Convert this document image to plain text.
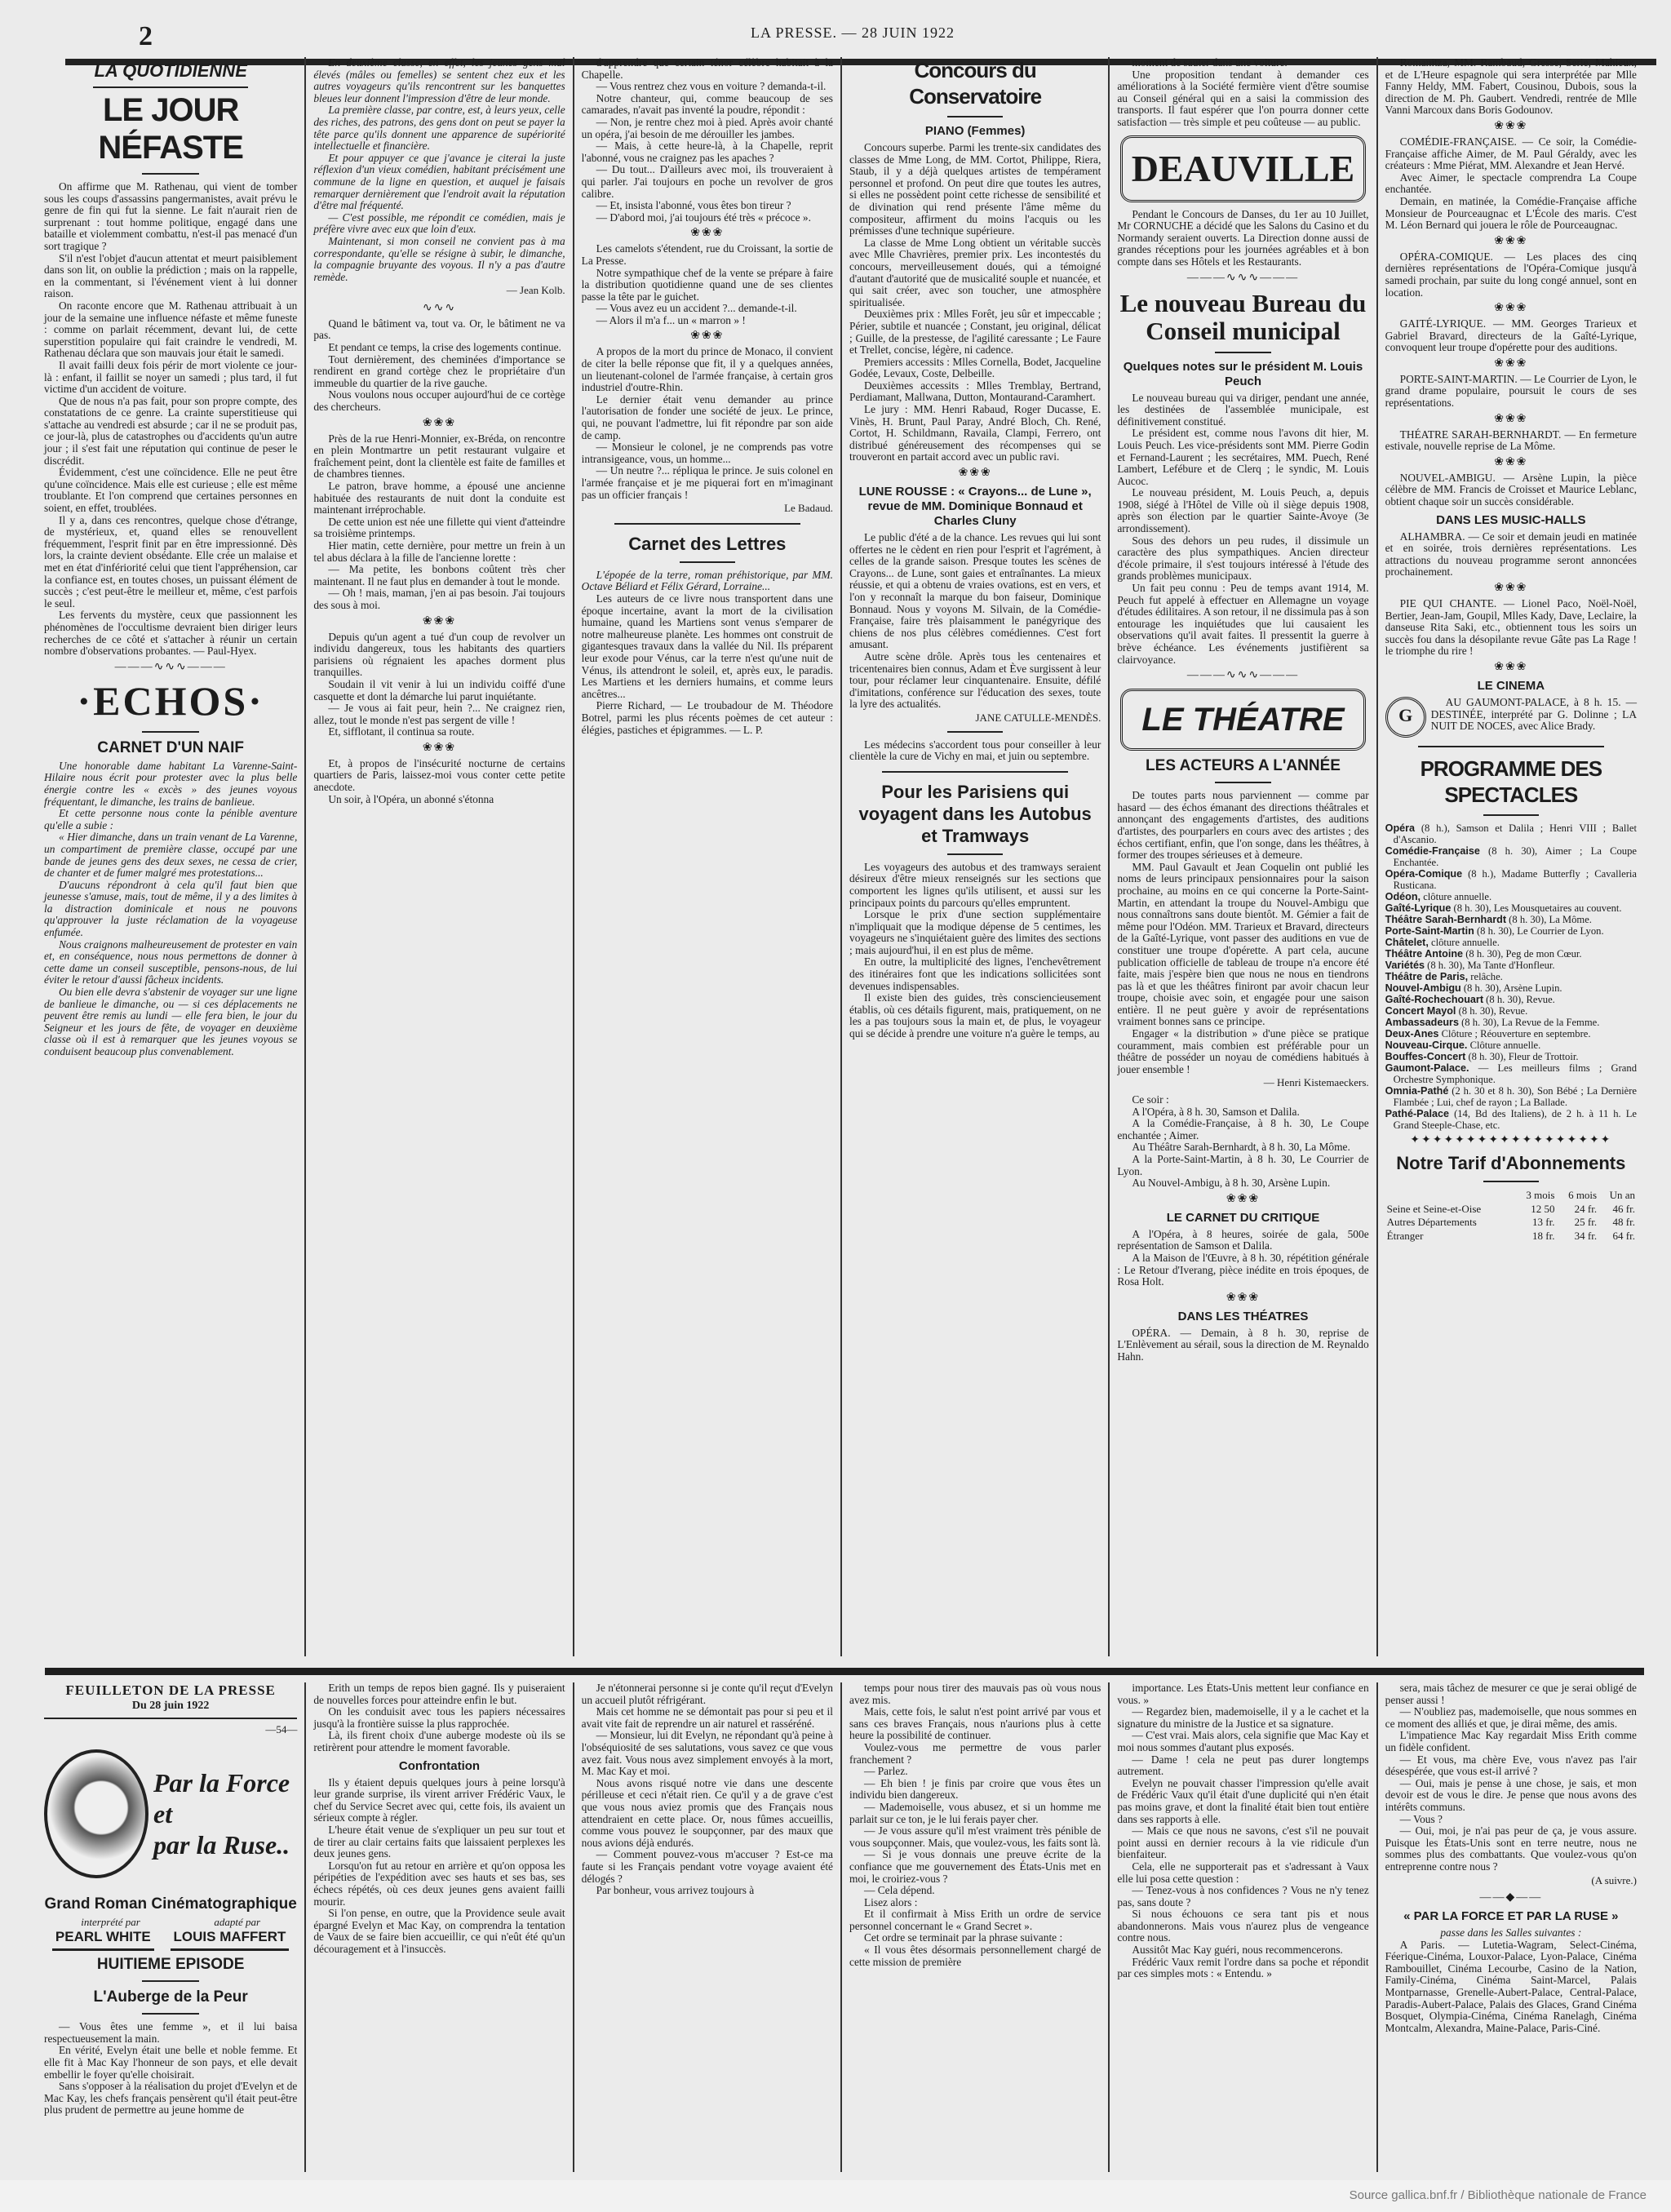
2	LA PRESSE. — 28 JUIN 1922
LA QUOTIDIENNE
LE JOUR NÉFASTE

On affirme que M. Rathenau, qui vient de tomber sous les coups d'assassins pangermanistes, avait prévu le genre de fin qui fut la sienne. Le fait n'aurait rien de surprenant : tout homme politique, engagé dans une bataille et violemment combattu, n'est-il pas menacé d'un sort tragique ?

S'il n'est l'objet d'aucun attentat et meurt paisiblement dans son lit, on oublie la prédiction ; mais on la rappelle, en la commentant, si l'événement vient à lui donner raison.

On raconte encore que M. Rathenau attribuait à un jour de la semaine une influence néfaste et même funeste : comme on parlait récemment, devant lui, de cette superstition populaire qui fait craindre le vendredi, M. Rathenau déclara que son mauvais jour était le samedi.

Il avait failli deux fois périr de mort violente ce jour-là : enfant, il faillit se noyer un samedi ; plus tard, il fut victime d'un accident de voiture.

Que de nous n'a pas fait, pour son propre compte, des constatations de ce genre. La crainte superstitieuse qui s'attache au vendredi est absurde ; car il ne se produit pas, ce jour-là, plus de catastrophes ou d'accidents qu'un autre jour ; il s'est fait une réputation qui continue de peser le discrédit.

Évidemment, c'est une coïncidence. Elle ne peut être qu'une coïncidence. Mais elle est curieuse ; elle est même troublante. Et l'on comprend que certaines personnes en soient, en effet, troublées.

Il y a, dans ces rencontres, quelque chose d'étrange, de mystérieux, et, quand elles se renouvellent fréquemment, l'esprit finit par en être impressionné. Dès lors, la crainte devient obsédante. Elle crée un malaise et met en état d'infériorité celui que tient l'appréhension, car la confiance est, en toutes choses, un puissant élément de succès ; c'est peut-être le meilleur et, même, c'est parfois le seul.

Les fervents du mystère, ceux que passionnent les phénomènes de l'occultisme devraient bien diriger leurs recherches de ce côté et s'attacher à réunir un certain nombre d'observations probantes. — Paul-Hyex.

———∿∿∿———
·ECHOS·
CARNET D'UN NAIF

Une honorable dame habitant La Varenne-Saint-Hilaire nous écrit pour protester avec la plus belle énergie contre les « excès » des jeunes voyous fréquentant, le dimanche, les trains de banlieue.

Et cette personne nous conte la pénible aventure qu'elle a subie :

« Hier dimanche, dans un train venant de La Varenne, un compartiment de première classe, occupé par une bande de jeunes gens des deux sexes, ne cessa de crier, de chanter et de fumer malgré mes protestations...

D'aucuns répondront à cela qu'il faut bien que jeunesse s'amuse, mais, tout de même, il y a des limites à la distraction dominicale et nous ne pouvons qu'approuver la juste réclamation de la voyageuse enfumée.

Nous craignons malheureusement de protester en vain et, en conséquence, nous nous permettons de donner à cette dame un conseil susceptible, pensons-nous, de lui éviter le retour d'aussi fâcheux incidents.

Ou bien elle devra s'abstenir de voyager sur une ligne de banlieue le dimanche, ou — si ces déplacements ne peuvent être remis au lundi — elle fera bien, le jour du Seigneur et les jours de fête, de voyager en deuxième classe où il est à remarquer que les jeunes voyous se conduisent beaucoup plus convenablement.

En deuxième classe, en effet, les jeunes gens mal élevés (mâles ou femelles) se sentent chez eux et les autres voyageurs qu'ils rencontrent sur les banquettes bleues leur donnent l'impression d'être de leur monde.

La première classe, par contre, est, à leurs yeux, celle des riches, des patrons, des gens dont on peut se payer la tête parce qu'ils donnent une apparence de supériorité intellectuelle et financière.

Et pour appuyer ce que j'avance je citerai la juste réflexion d'un vieux comédien, habitant précisément une commune de la ligne en question, et auquel je faisais remarquer dernièrement que l'endroit avait la réputation d'être mal fréquenté.

— C'est possible, me répondit ce comédien, mais je préfère vivre avec eux que loin d'eux.

Maintenant, si mon conseil ne convient pas à ma correspondante, qu'elle se résigne à subir, le dimanche, la compagnie bruyante des voyous. Il n'y a pas d'autre remède.

— Jean Kolb.
∿∿∿

Quand le bâtiment va, tout va. Or, le bâtiment ne va pas.

Et pendant ce temps, la crise des logements continue.

Tout dernièrement, des cheminées d'importance se rendirent en grand cortège chez le propriétaire d'un immeuble du quartier de la rive gauche.

Nous voulons nous occuper aujourd'hui de ce cortège des chercheurs.

❀❀❀

Près de la rue Henri-Monnier, ex-Bréda, on rencontre en plein Montmartre un petit restaurant vulgaire et fraîchement peint, dont la clientèle est faite de familles et de chambres tiennes.

Le patron, brave homme, a épousé une ancienne habituée des restaurants de nuit dont la conduite est maintenant irréprochable.

De cette union est née une fillette qui vient d'atteindre sa troisième printemps.

Hier matin, cette dernière, pour mettre un frein à un tel abus déclara à la fille de l'ancienne lorette :

— Ma petite, les bonbons coûtent très cher maintenant. Il ne faut plus en demander à tout le monde.

— Oh ! mais, maman, j'en ai pas besoin. J'ai toujours des sous à moi.

❀❀❀

Depuis qu'un agent a tué d'un coup de revolver un individu dangereux, tous les habitants des quartiers parisiens où régnaient les apaches dorment plus tranquilles.

Soudain il vit venir à lui un individu coiffé d'une casquette et dont la démarche lui parut inquiétante.

— Je vous ai fait peur, hein ?... Ne craignez rien, allez, tout le monde n'est pas sergent de ville !

Et, sifflotant, il continua sa route.

❀❀❀

Et, à propos de l'insécurité nocturne de certains quartiers de Paris, laissez-moi vous conter cette petite anecdote.

Un soir, à l'Opéra, un abonné s'étonna

d'apprendre que certain ténor célèbre habitait à la Chapelle.

— Vous rentrez chez vous en voiture ? demanda-t-il.

Notre chanteur, qui, comme beaucoup de ses camarades, n'avait pas inventé la poudre, répondit :

— Non, je rentre chez moi à pied. Après avoir chanté un opéra, j'ai besoin de me dérouiller les jambes.

— Mais, à cette heure-là, à la Chapelle, reprit l'abonné, vous ne craignez pas les apaches ?

— Du tout... D'ailleurs avec moi, ils trouveraient à qui parler. J'ai toujours en poche un revolver de gros calibre.

— Et, insista l'abonné, vous êtes bon tireur ?

— D'abord moi, j'ai toujours été très « précoce ».

❀❀❀

Les camelots s'étendent, rue du Croissant, la sortie de La Presse.

Notre sympathique chef de la vente se prépare à faire la distribution quotidienne quand une de ses clientes passe la tête par le guichet.

— Vous avez eu un accident ?... demande-t-il.

— Alors il m'a f... un « marron » !

❀❀❀

A propos de la mort du prince de Monaco, il convient de citer la belle réponse que fit, il y a quelques années, un lieutenant-colonel de l'armée française, à certain gros industriel d'outre-Rhin.

Le dernier était venu demander au prince l'autorisation de fonder une société de jeux. Le prince, qui, ne pouvant l'admettre, lui fit répondre par son aide de camp.

— Monsieur le colonel, je ne comprends pas votre intransigeance, vous, un homme...

— Un neutre ?... répliqua le prince. Je suis colonel en l'armée française et je me piquerai fort en m'imaginant pas un officier français !

Le Badaud.
Carnet des Lettres

L'épopée de la terre, roman préhistorique, par MM. Octave Béliard et Félix Gérard, Lorraine...

Les auteurs de ce livre nous transportent dans une époque incertaine, avant la mort de la civilisation humaine, quand les Martiens sont venus s'emparer de notre malheureuse planète. Les hommes ont construit de gigantesques travaux dans la vallée du Nil. Ils préparent leur exode pour Vénus, car la terre n'est qu'une nuit de Vénus, ils attendront le soleil, et, après eux, le paradis. Les Martiens et les derniers humains, et comme leurs ancêtres...

Pierre Richard, — Le troubadour de M. Théodore Botrel, parmi les plus récents poèmes de cet auteur : élégies, pastiches et épigrammes. — L. P.

Concours du Conservatoire
PIANO (Femmes)

Concours superbe. Parmi les trente-six candidates des classes de Mme Long, de MM. Cortot, Philippe, Riera, Staub, il y a déjà quelques artistes de tempérament personnel et profond. On peut dire que toutes les autres, si elles ne possèdent point cette richesse de sensibilité et de divination qui rend présente l'âme même du compositeur, affirment du moins l'acquis ou les prémisses d'une technique supérieure.

La classe de Mme Long obtient un véritable succès avec Mlle Chavrières, premier prix. Les incontestés du concours, merveilleusement doués, qui a témoigné d'autant d'autorité que de musicalité souple et nuancée, et qui sait créer, avec son toucher, une atmosphère spiritualisée.

Deuxièmes prix : Mlles Forêt, jeu sûr et impeccable ; Périer, subtile et nuancée ; Constant, jeu original, délicat ; Guille, de la prestesse, de l'agilité caressante ; Le Faure et Trellet, concise, légère, ni cadence.

Premiers accessits : Mlles Cornella, Bodet, Jacqueline Godée, Levaux, Coste, Delbeille.

Deuxièmes accessits : Mlles Tremblay, Bertrand, Perdiamant, Mallwana, Dutton, Montaurand-Caramhert.

Le jury : MM. Henri Rabaud, Roger Ducasse, E. Vinès, H. Brunt, Paul Paray, André Bloch, Ch. René, Cortot, H. Schildmann, Ravaila, Clampi, Ferrero, ont distribué généreusement des récompenses qui se trouveront en partait accord avec un public ravi.

❀❀❀
LUNE ROUSSE : « Crayons... de Lune », revue de MM. Dominique Bonnaud et Charles Cluny

Le public d'été a de la chance. Les revues qui lui sont offertes ne le cèdent en rien pour l'esprit et l'agrément, à celles de la grande saison. Presque toutes les scènes de Crayons... de Lune, sont gaies et entraînantes. La mieux réussie, et qui a obtenu de vraies ovations, est en vers, et l'on y reconnaît la marque du bon faiseur, Dominique Bonnaud. Nous y voyons M. Silvain, de la Comédie-Française, faire très plaisamment le panégyrique des chiens de nos plus célèbres comédiennes. C'est fort amusant.

Autre scène drôle. Après tous les centenaires et tricentenaires bien connus, Adam et Ève surgissent à leur tour, pour réclamer leur cinquantenaire. Ensuite, défilé d'imitations, conférence sur l'éducation des sexes, toute la lyre des actualités.

JANE CATULLE-MENDÈS.

Les médecins s'accordent tous pour conseiller à leur clientèle la cure de Vichy en mai, et juin ou septembre.

Pour les Parisiens qui voyagent dans les Autobus et Tramways

Les voyageurs des autobus et des tramways seraient désireux d'être mieux renseignés sur les sections que comportent les lignes qu'ils utilisent, et aussi sur les principaux points du parcours qu'elles empruntent.

Lorsque le prix d'une section supplémentaire n'impliquait que la modique dépense de 5 centimes, les voyageurs ne s'inquiétaient guère des limites des sections ; mais aujourd'hui, il en est plus de même.

En outre, la multiplicité des lignes, l'enchevêtrement des itinéraires font que les indications sollicitées sont devenues indispensables.

Il existe bien des guides, très consciencieusement établis, où ces détails figurent, mais, pratiquement, on ne les a pas toujours sous la main et, de plus, le voyageur qui se décide à prendre une voiture n'a guère le temps, au

moment de sauter dans une voiture.

Une proposition tendant à demander ces améliorations à la Société fermière vient d'être soumise au Conseil général qui en a saisi la commission des transports. Il faut espérer que l'on pourra donner cette satisfaction — très simple et peu coûteuse — au public.

DEAUVILLE

Pendant le Concours de Danses, du 1er au 10 Juillet, Mr CORNUCHE a décidé que les Salons du Casino et du Normandy seraient ouverts. La Direction donne aussi de grandes réceptions pour les journées agréables et à bon compte dans ses Hôtels et les Restaurants.

———∿∿∿———
Le nouveau Bureau du Conseil municipal
Quelques notes sur le président M. Louis Peuch

Le nouveau bureau qui va diriger, pendant une année, les destinées de l'assemblée municipale, est définitivement constitué.

Le président est, comme nous l'avons dit hier, M. Louis Peuch. Les vice-présidents sont MM. Pierre Godin et Fernand-Laurent ; les secrétaires, MM. Puech, René Lambert, Lefébure et de Clerq ; le syndic, M. Louis Aucoc.

Le nouveau président, M. Louis Peuch, a, depuis 1908, siégé à l'Hôtel de Ville où il siège depuis 1908, après son élection par le quartier Sainte-Avoye (3e arrondissement).

Sous des dehors un peu rudes, il dissimule un caractère des plus sympathiques. Ancien directeur d'école primaire, il s'est toujours intéressé à l'étude des grands problèmes municipaux.

Un fait peu connu : Peu de temps avant 1914, M. Peuch fut appelé à effectuer en Allemagne un voyage d'études édilitaires. A son retour, il ne dissimula pas à son entourage les inquiétudes que lui causaient les observations qu'il avait faites. Il pressentit la guerre à brève échéance. Les événements justifièrent sa clairvoyance.

———∿∿∿———
LE THÉATRE
LES ACTEURS A L'ANNÉE

De toutes parts nous parviennent — comme par hasard — des échos émanant des directions théâtrales et annonçant des engagements d'artistes, des auditions d'artistes, des pourparlers en cours avec des artistes ; des échos certifiant, enfin, que l'on songe, dans les théâtres, à former des troupes sérieuses et à demeure.

MM. Paul Gavault et Jean Coquelin ont publié les noms de leurs principaux pensionnaires pour la saison prochaine, au moins en ce qui concerne la Porte-Saint-Martin, en attendant la troupe du Nouvel-Ambigu que nous connaîtrons sans doute bientôt. M. Gémier a fait de même pour l'Odéon. MM. Trarieux et Bravard, directeurs de la Gaîté-Lyrique, vont passer des auditions en vue de constituer une troupe d'opérette. A part cela, aucune publication officielle de tableau de troupe n'a encore été faite, mais j'espère bien que nous ne nous en tiendrons pas là et que les théâtres finiront par avoir chacun leur troupe, choisie avec soin, et engagée pour une saison entière. Il ne peut guère y avoir de représentations vraiment bonnes sans ce principe.

Engager « la distribution » d'une pièce se pratique couramment, mais combien est préférable pour un théâtre de posséder un noyau de comédiens habitués à jouer ensemble !

— Henri Kistemaeckers.

Ce soir :

A l'Opéra, à 8 h. 30, Samson et Dalila.

A la Comédie-Française, à 8 h. 30, Le Coupe enchantée ; Aimer.

Au Théâtre Sarah-Bernhardt, à 8 h. 30, La Môme.

A la Porte-Saint-Martin, à 8 h. 30, Le Courrier de Lyon.

Au Nouvel-Ambigu, à 8 h. 30, Arsène Lupin.

❀❀❀
LE CARNET DU CRITIQUE

A l'Opéra, à 8 heures, soirée de gala, 500e représentation de Samson et Dalila.

A la Maison de l'Œuvre, à 8 h. 30, répétition générale : Le Retour d'Iverang, pièce inédite en trois époques, de Rosa Holt.

❀❀❀
DANS LES THÉATRES

OPÉRA. — Demain, à 8 h. 30, reprise de L'Enlèvement au sérail, sous la direction de M. Reynaldo Hahn.

Romanitza, MM. Rambaud, Gresse, Serie, Mahieux, et de L'Heure espagnole qui sera interprétée par Mlle Fanny Heldy, MM. Fabert, Cousinou, Dubois, sous la direction de M. Ph. Gaubert. Vendredi, rentrée de Mlle Vanni Marcoux dans Boris Godounov.

❀❀❀

COMÉDIE-FRANÇAISE. — Ce soir, la Comédie-Française affiche Aimer, de M. Paul Géraldy, avec les créateurs : Mme Piérat, MM. Alexandre et Jean Hervé.

Avec Aimer, le spectacle comprendra La Coupe enchantée.

Demain, en matinée, la Comédie-Française affiche Monsieur de Pourceaugnac et L'École des maris. C'est M. Léon Bernard qui jouera le rôle de Pourceaugnac.

❀❀❀

OPÉRA-COMIQUE. — Les places des cinq dernières représentations de l'Opéra-Comique jusqu'à samedi prochain, par suite du long congé annuel, sont en location.

❀❀❀

GAITÉ-LYRIQUE. — MM. Georges Trarieux et Gabriel Bravard, directeurs de la Gaîté-Lyrique, convoquent leur troupe d'opérette pour des auditions.

❀❀❀

PORTE-SAINT-MARTIN. — Le Courrier de Lyon, le grand drame populaire, poursuit le cours de ses représentations.

❀❀❀

THÉATRE SARAH-BERNHARDT. — En fermeture estivale, nouvelle reprise de La Môme.

❀❀❀

NOUVEL-AMBIGU. — Arsène Lupin, la pièce célèbre de MM. Francis de Croisset et Maurice Leblanc, obtient chaque soir un succès considérable.

DANS LES MUSIC-HALLS

ALHAMBRA. — Ce soir et demain jeudi en matinée et en soirée, trois dernières représentations. Les attractions du nouveau programme seront annoncées prochainement.

❀❀❀

PIE QUI CHANTE. — Lionel Paco, Noël-Noël, Bertier, Jean-Jam, Goupil, Mlles Kady, Dave, Leclaire, la danseuse Rita Saki, etc., obtiennent tous les soirs un succès fou dans la désopilante revue Gâte pas La Rage ! le triomphe du rire !

❀❀❀
LE CINEMA
G

AU GAUMONT-PALACE, à 8 h. 15. — DESTINÉE, interprété par G. Dolinne ; LA NUIT DE NOCES, avec Alice Brady.

PROGRAMME DES SPECTACLES

Opéra (8 h.), Samson et Dalila ; Henri VIII ; Ballet d'Ascanio.

Comédie-Française (8 h. 30), Aimer ; La Coupe Enchantée.

Opéra-Comique (8 h.), Madame Butterfly ; Cavalleria Rusticana.

Odéon, clôture annuelle.

Gaîté-Lyrique (8 h. 30), Les Mousquetaires au couvent.

Théâtre Sarah-Bernhardt (8 h. 30), La Môme.

Porte-Saint-Martin (8 h. 30), Le Courrier de Lyon.

Châtelet, clôture annuelle.

Théâtre Antoine (8 h. 30), Peg de mon Cœur.

Variétés (8 h. 30), Ma Tante d'Honfleur.

Théâtre de Paris, relâche.

Nouvel-Ambigu (8 h. 30), Arsène Lupin.

Gaîté-Rochechouart (8 h. 30), Revue.

Concert Mayol (8 h. 30), Revue.

Ambassadeurs (8 h. 30), La Revue de la Femme.

Deux-Anes Clôture ; Réouverture en septembre.

Nouveau-Cirque. Clôture annuelle.

Bouffes-Concert (8 h. 30), Fleur de Trottoir.

Gaumont-Palace. — Les meilleurs films ; Grand Orchestre Symphonique.

Omnia-Pathé (2 h. 30 et 8 h. 30), Son Bébé ; La Dernière Flambée ; Lui, chef de rayon ; La Ballade.

Pathé-Palace (14, Bd des Italiens), de 2 h. à 11 h. Le Grand Steeple-Chase, etc.

✦✦✦✦✦✦✦✦✦✦✦✦✦✦✦✦✦✦
Notre Tarif d'Abonnements
	3 mois	6 mois	Un an
Seine et Seine-et-Oise	12 50	24 fr.	46 fr.
Autres Départements	13 fr.	25 fr.	48 fr.
Étranger	18 fr.	34 fr.	64 fr.
FEUILLETON DE LA PRESSE
Du 28 juin 1922
—54—
Par la Force et
par la Ruse..
Grand Roman Cinématographique
interprété par	adapté par
PEARL WHITE LOUIS MAFFERT
HUITIEME EPISODE
L'Auberge de la Peur

— Vous êtes une femme », et il lui baisa respectueusement la main.

En vérité, Evelyn était une belle et noble femme. Et elle fit à Mac Kay l'honneur de son pays, et elle devait embellir le foyer qu'elle choisirait.

Sans s'opposer à la réalisation du projet d'Evelyn et de Mac Kay, les chefs français pensèrent qu'il était peut-être plus prudent de permettre au jeune homme de

Erith un temps de repos bien gagné. Ils y puiseraient de nouvelles forces pour atteindre enfin le but.

On les conduisit avec tous les papiers nécessaires jusqu'à la frontière suisse la plus rapprochée.

Là, ils firent choix d'une auberge modeste où ils se retirèrent pour attendre le moment favorable.

Confrontation

Ils y étaient depuis quelques jours à peine lorsqu'à leur grande surprise, ils virent arriver Frédéric Vaux, le chef du Service Secret avec qui, cette fois, ils avaient un sérieux compte à régler.

L'heure était venue de s'expliquer un peu sur tout et de tirer au clair certains faits que laissaient perplexes les deux jeunes gens.

Lorsqu'on fut au retour en arrière et qu'on opposa les péripéties de l'expédition avec ses hauts et ses bas, ses échecs répétés, où ces deux jeunes gens avaient failli mourir.

Si l'on pense, en outre, que la Providence seule avait épargné Evelyn et Mac Kay, on comprendra la tentation de Vaux de se faire bien accueillir, ce qui n'eût été qu'un découragement et à l'insuccès.

Je n'étonnerai personne si je conte qu'il reçut d'Evelyn un accueil plutôt réfrigérant.

Mais cet homme ne se démontait pas pour si peu et il avait vite fait de reprendre un air naturel et rasséréné.

— Monsieur, lui dit Evelyn, ne répondant qu'à peine à l'obséquiosité de ses salutations, vous savez ce que vous avez fait. Vous nous avez simplement envoyés à la mort, M. Mac Kay et moi.

Nous avons risqué notre vie dans une descente périlleuse et ceci n'était rien. Ce qu'il y a de grave c'est que vous nous aviez promis que des Français nous attendraient en cette place. Or, nous fûmes accueillis, comme vous pouvez le soupçonner, par des maux que nous avions déjà endurés.

— Comment pouvez-vous m'accuser ? Est-ce ma faute si les Français pendant votre voyage avaient été délogés ?

Par bonheur, vous arrivez toujours à

temps pour nous tirer des mauvais pas où vous nous avez mis.

Mais, cette fois, le salut n'est point arrivé par vous et sans ces braves Français, nous n'aurions plus à cette heure la possibilité de continuer.

Voulez-vous me permettre de vous parler franchement ?

— Parlez.

— Eh bien ! je finis par croire que vous êtes un individu bien dangereux.

— Mademoiselle, vous abusez, et si un homme me parlait sur ce ton, je le lui ferais payer cher.

— Je vous assure qu'il m'est vraiment très pénible de vous soupçonner. Mais, que voulez-vous, les faits sont là.

— Si je vous donnais une preuve écrite de la confiance que me gouvernement des États-Unis met en moi, le croiriez-vous ?

— Cela dépend.

Lisez alors :

Et il confirmait à Miss Erith un ordre de service personnel concernant le « Grand Secret ».

Cet ordre se terminait par la phrase suivante :

« Il vous êtes désormais personnellement chargé de cette mission de première

importance. Les États-Unis mettent leur confiance en vous. »

— Regardez bien, mademoiselle, il y a le cachet et la signature du ministre de la Justice et sa signature.

— C'est vrai. Mais alors, cela signifie que Mac Kay et moi nous sommes d'autant plus exposés.

— Dame ! cela ne peut pas durer longtemps autrement.

Evelyn ne pouvait chasser l'impression qu'elle avait de Frédéric Vaux qu'il était d'une duplicité qui n'en était pas moins grave, et dont la finalité était bien tout entière dans ses rapports à elle.

— Mais ce que nous ne savons, c'est s'il ne pouvait point aussi en dernier recours à la vie ridicule d'un bienfaiteur.

Cela, elle ne supporterait pas et s'adressant à Vaux elle lui posa cette question :

— Tenez-vous à nos confidences ? Vous ne n'y tenez pas, sans doute ?

Si nous échouons ce sera tant pis et nous abandonnerons. Mais vous n'aurez plus de vengeance contre nous.

Aussitôt Mac Kay guéri, nous recommencerons.

Frédéric Vaux remit l'ordre dans sa poche et répondit par ces simples mots : « Entendu. »

sera, mais tâchez de mesurer ce que je serai obligé de penser aussi !

— N'oubliez pas, mademoiselle, que nous sommes en ce moment des alliés et que, je dirai même, des amis.

L'impatience Mac Kay regardait Miss Erith comme un fidèle confident.

— Et vous, ma chère Eve, vous n'avez pas l'air désespérée, que vous est-il arrivé ?

— Oui, mais je pense à une chose, je sais, et mon devoir est de vous le dire. Je pense que nous avons des intérêts communs.

— Vous ?

— Oui, moi, je n'ai pas peur de ça, je vous assure. Puisque les États-Unis sont en terre neutre, nous ne sommes plus des combattants. Que voulez-vous qu'on entreprenne contre nous ?

(A suivre.)
——◆——
« PAR LA FORCE ET PAR LA RUSE »

passe dans les Salles suivantes :

A Paris. — Lutetia-Wagram, Select-Cinéma, Féerique-Cinéma, Louxor-Palace, Lyon-Palace, Cinéma Rambouillet, Cinéma Lecourbe, Casino de la Nation, Family-Cinéma, Cinéma Saint-Marcel, Palais Montparnasse, Grenelle-Aubert-Palace, Central-Palace, Paradis-Aubert-Palace, Palais des Glaces, Grand Cinéma Bosquet, Olympia-Cinéma, Cinéma Ranelagh, Cinéma Montcalm, Alexandra, Maine-Palace, Paris-Ciné.

Source gallica.bnf.fr / Bibliothèque nationale de France
